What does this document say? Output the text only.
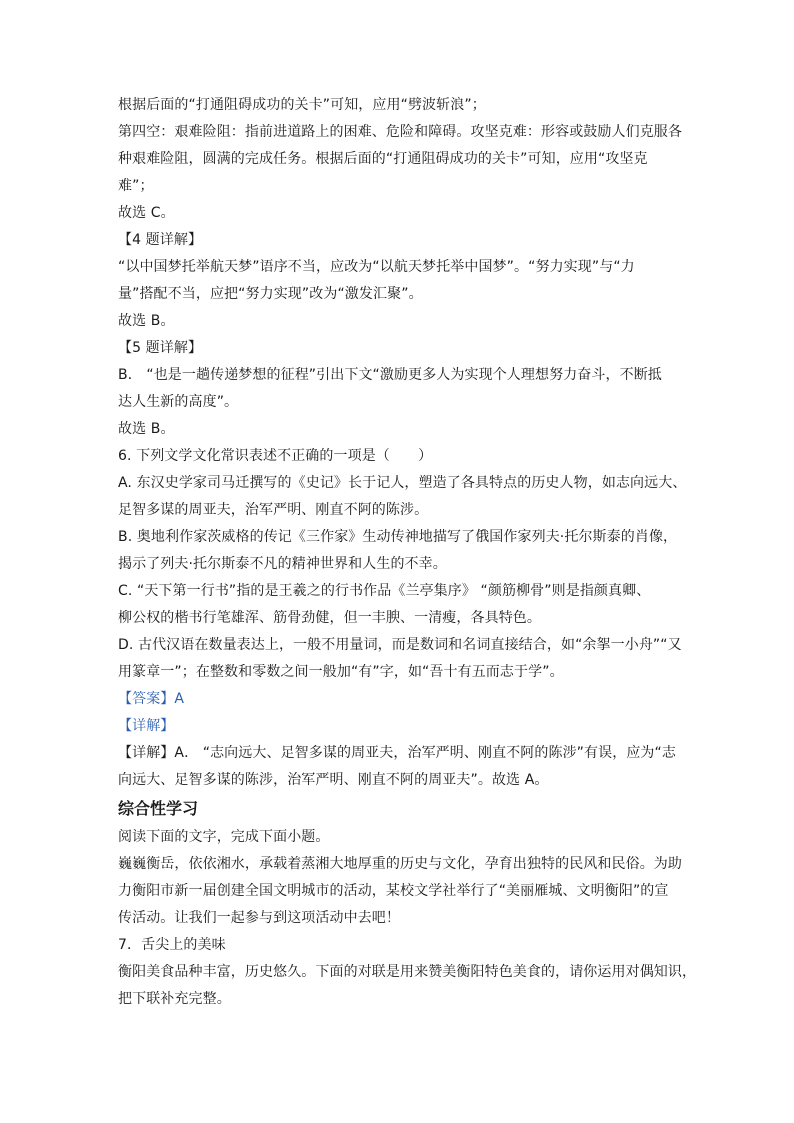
根据后面的“打通阻碍成功的关卡”可知，应用“劈波斩浪”；
第四空：艰难险阻：指前进道路上的困难、危险和障碍。攻坚克难：形容或鼓励人们克服各
种艰难险阻，圆满的完成任务。根据后面的“打通阻碍成功的关卡”可知，应用“攻坚克
难”；
故选 C。
【4 题详解】
“以中国梦托举航天梦”语序不当，应改为“以航天梦托举中国梦”。“努力实现”与“力
量”搭配不当，应把“努力实现”改为“激发汇聚”。
故选 B。
【5 题详解】
B． “也是一趟传递梦想的征程”引出下文“激励更多人为实现个人理想努力奋斗，不断抵
达人生新的高度”。
故选 B。
6. 下列文学文化常识表述不正确的一项是（　　）
A. 东汉史学家司马迁撰写的《史记》长于记人，塑造了各具特点的历史人物，如志向远大、
足智多谋的周亚夫，治军严明、刚直不阿的陈涉。
B. 奥地利作家茨威格的传记《三作家》生动传神地描写了俄国作家列夫·托尔斯泰的肖像，
揭示了列夫·托尔斯泰不凡的精神世界和人生的不幸。
C. “天下第一行书”指的是王羲之的行书作品《兰亭集序》 “颜筋柳骨”则是指颜真卿、
柳公权的楷书行笔雄浑、筋骨劲健，但一丰腴、一清瘦，各具特色。
D. 古代汉语在数量表达上，一般不用量词，而是数词和名词直接结合，如“余挐一小舟”“又
用篆章一”；在整数和零数之间一般加“有”字，如“吾十有五而志于学”。
【答案】A
【详解】
【详解】A． “志向远大、足智多谋的周亚夫，治军严明、刚直不阿的陈涉”有误，应为“志
向远大、足智多谋的陈涉，治军严明、刚直不阿的周亚夫”。故选 A。
综合性学习
阅读下面的文字，完成下面小题。
巍巍衡岳，依依湘水，承载着蒸湘大地厚重的历史与文化，孕育出独特的民风和民俗。为助
力衡阳市新一届创建全国文明城市的活动，某校文学社举行了“美丽雁城、文明衡阳”的宣
传活动。让我们一起参与到这项活动中去吧！
7．舌尖上的美味
衡阳美食品种丰富，历史悠久。下面的对联是用来赞美衡阳特色美食的，请你运用对偶知识，
把下联补充完整。
